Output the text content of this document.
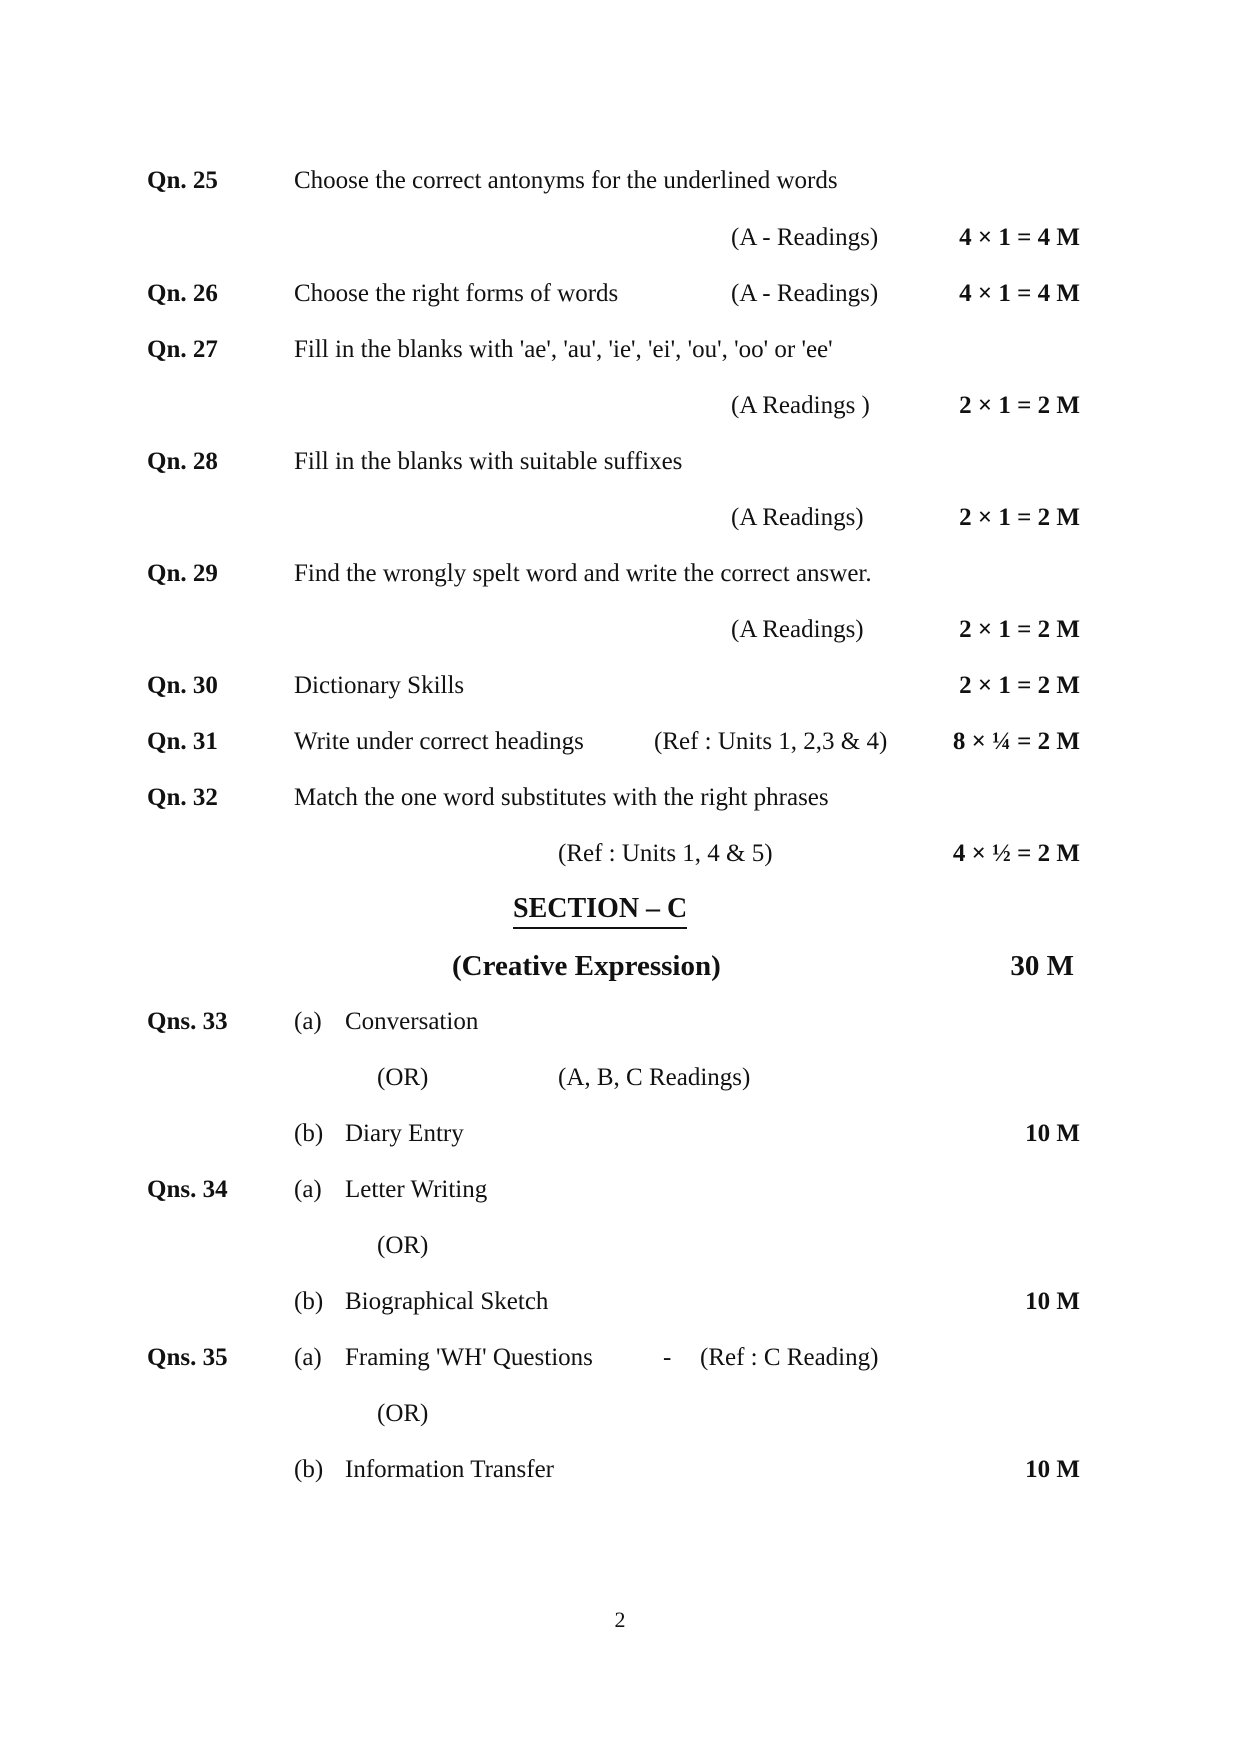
Qn. 25	Choose the correct antonyms for the underlined words
(A - Readings)	4 × 1 = 4 M
Qn. 26	Choose the right forms of words	(A - Readings)	4 × 1 = 4 M
Qn. 27	Fill in the blanks with 'ae', 'au', 'ie', 'ei', 'ou', 'oo' or 'ee'
(A Readings )	2 × 1 = 2 M
Qn. 28	Fill in the blanks with suitable suffixes
(A Readings)	2 × 1 = 2 M
Qn. 29	Find the wrongly spelt word and write the correct answer.
(A Readings)	2 × 1 = 2 M
Qn. 30	Dictionary Skills	2 × 1 = 2 M
Qn. 31	Write under correct headings	(Ref : Units 1, 2,3 & 4)	8 × ¼ = 2 M
Qn. 32	Match the one word substitutes with the right phrases
(Ref : Units 1, 4 & 5)	4 × ½ = 2 M
SECTION – C
(Creative Expression)	30 M
Qns. 33	(a) Conversation
(OR)	(A, B, C Readings)
(b) Diary Entry	10 M
Qns. 34	(a) Letter Writing
(OR)
(b) Biographical Sketch	10 M
Qns. 35	(a) Framing 'WH' Questions	- (Ref : C Reading)
(OR)
(b) Information Transfer	10 M
2
